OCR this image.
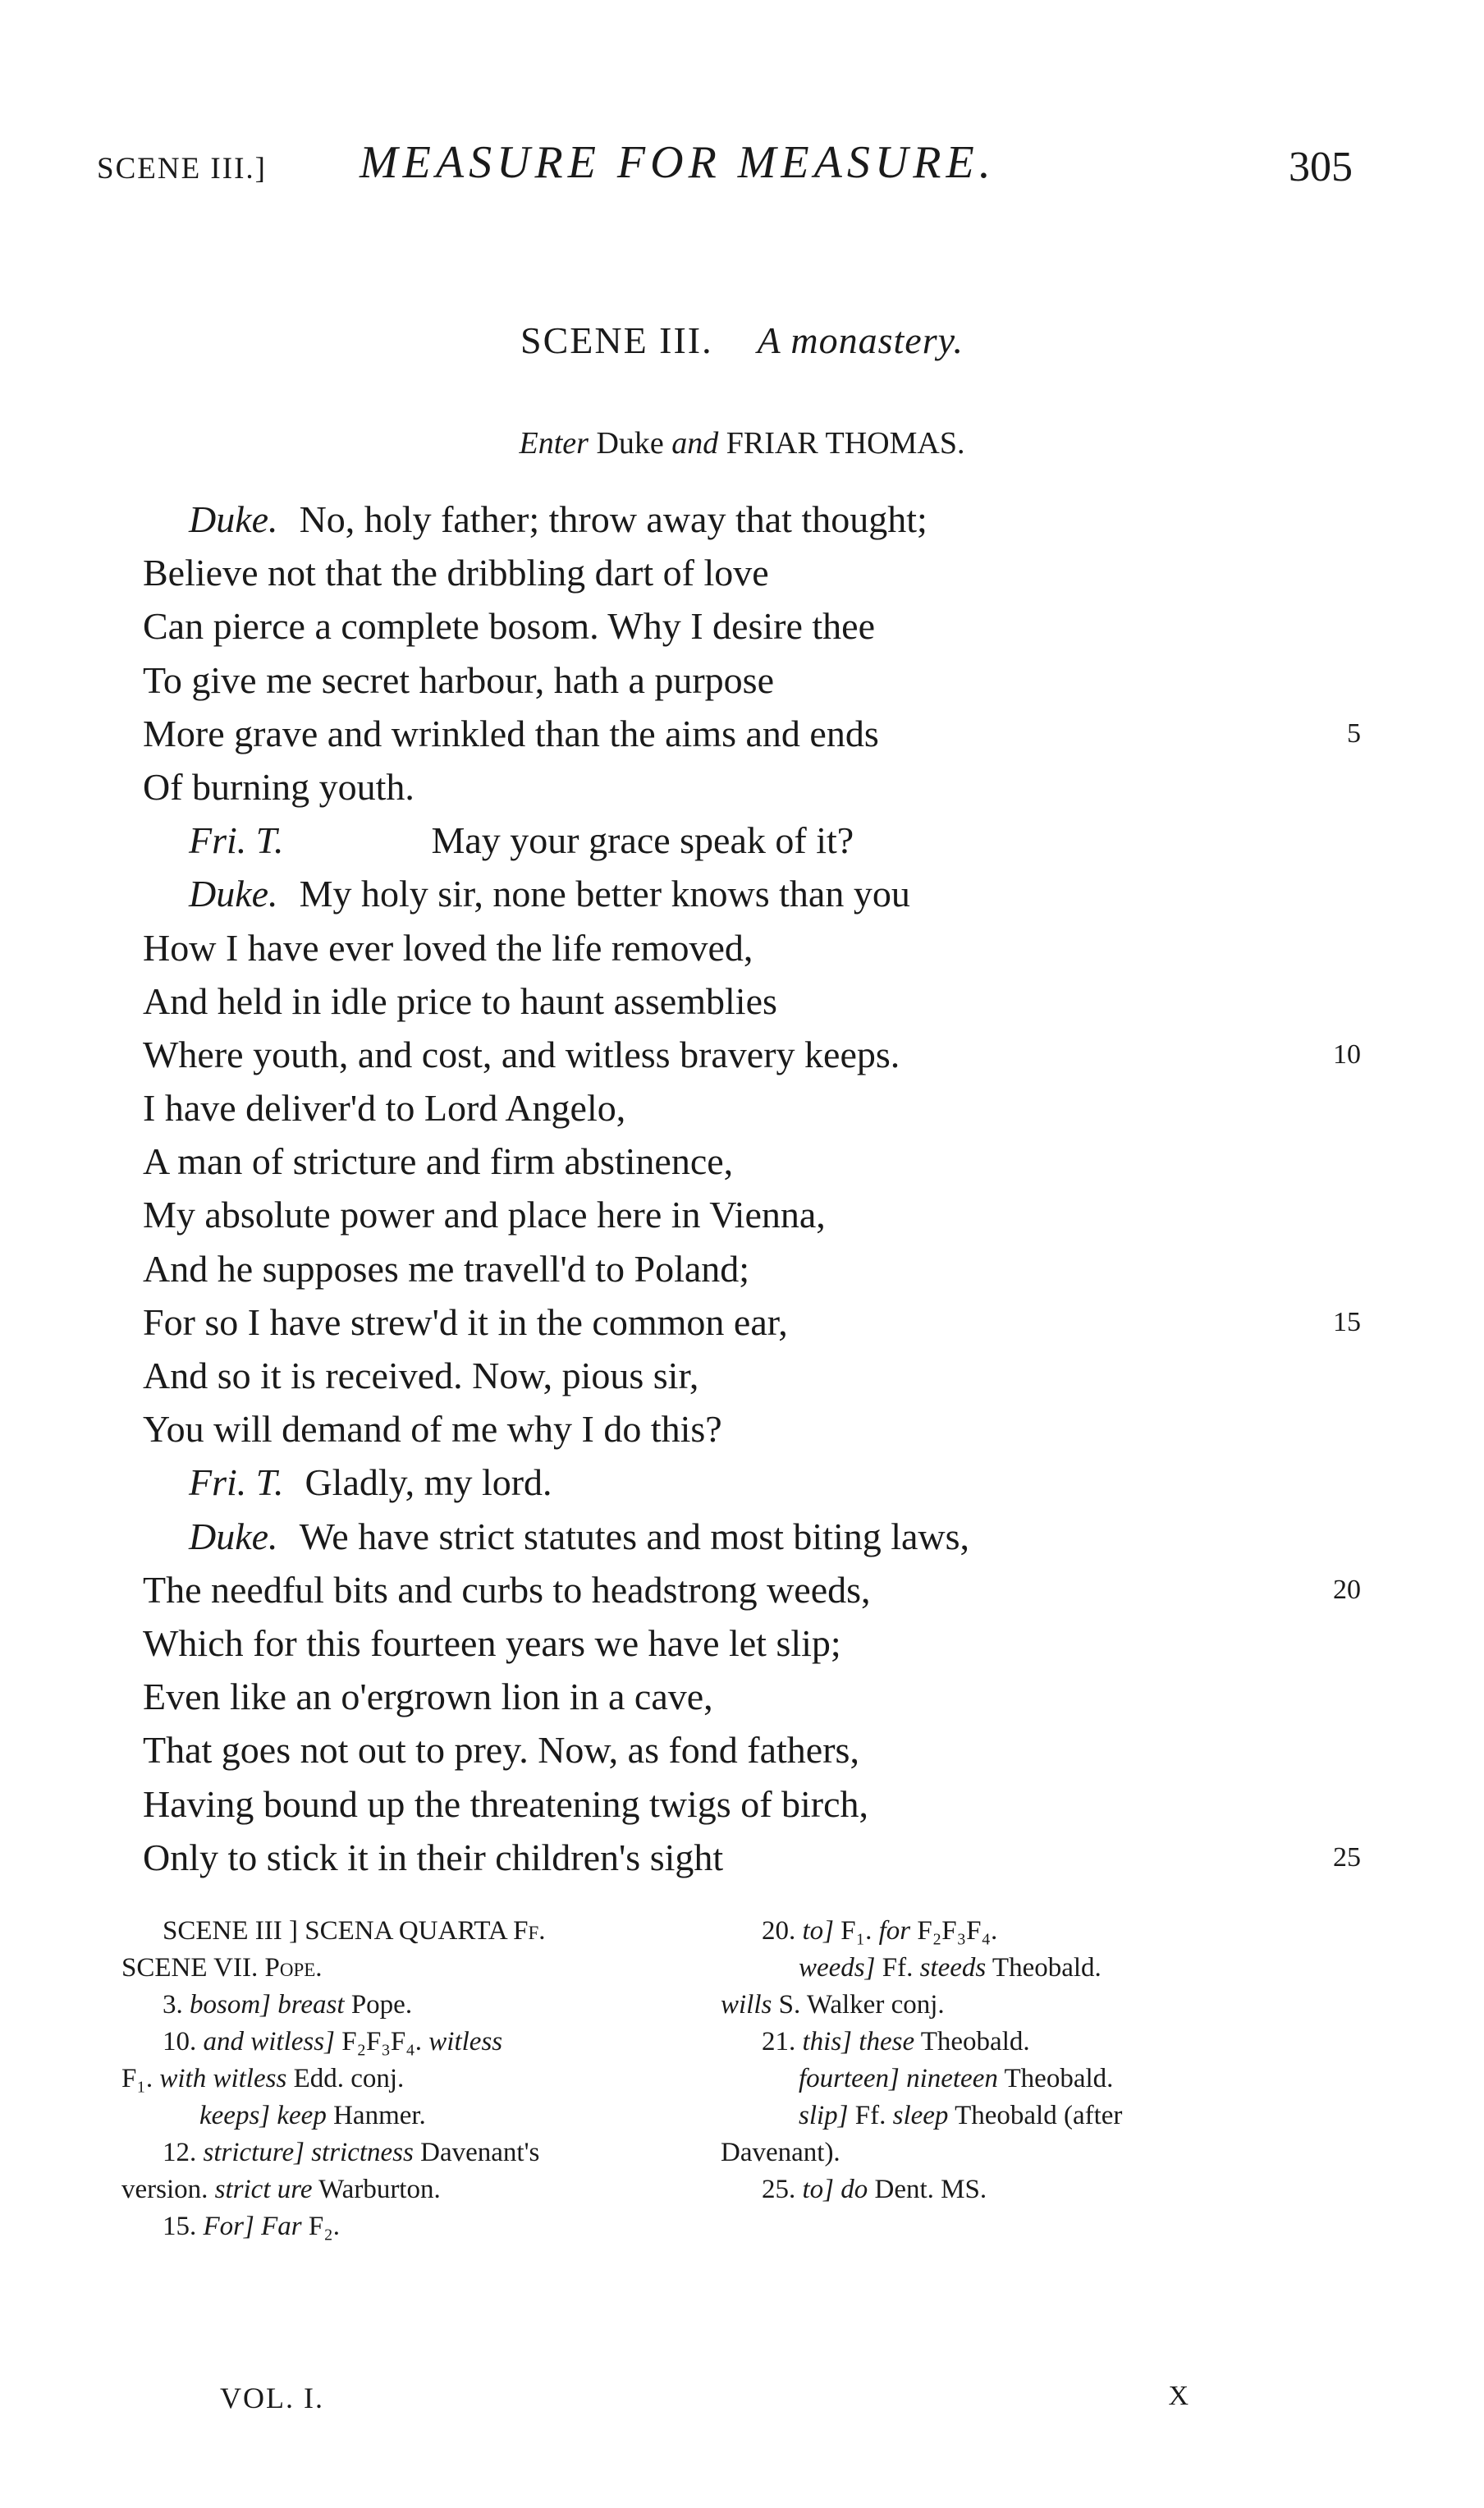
SCENE III.] MEASURE FOR MEASURE.	305
SCENE III. A monastery.
Enter Duke and FRIAR THOMAS.
Duke. No, holy father; throw away that thought;
Believe not that the dribbling dart of love
Can pierce a complete bosom. Why I desire thee
To give me secret harbour, hath a purpose
More grave and wrinkled than the aims and ends	5
Of burning youth.
Fri. T.	May your grace speak of it?
Duke. My holy sir, none better knows than you
How I have ever loved the life removed,
And held in idle price to haunt assemblies
Where youth, and cost, and witless bravery keeps.	10
I have deliver'd to Lord Angelo,
A man of stricture and firm abstinence,
My absolute power and place here in Vienna,
And he supposes me travell'd to Poland;
For so I have strew'd it in the common ear,	15
And so it is received. Now, pious sir,
You will demand of me why I do this?
Fri. T. Gladly, my lord.
Duke. We have strict statutes and most biting laws,
The needful bits and curbs to headstrong weeds,	20
Which for this fourteen years we have let slip;
Even like an o'ergrown lion in a cave,
That goes not out to prey. Now, as fond fathers,
Having bound up the threatening twigs of birch,
Only to stick it in their children's sight	25
SCENE III ] SCENA QUARTA Ff.
SCENE VII. Pope.
3. bosom] breast Pope.
10. and witless] F₂F₃F₄. witless
F₁. with witless Edd. conj.
keeps] keep Hanmer.
12. stricture] strictness Davenant's
version. strict ure Warburton.
15. For] Far F₂.
20. to] F₁. for F₂F₃F₄.
weeds] Ff. steeds Theobald.
wills S. Walker conj.
21. this] these Theobald.
fourteen] nineteen Theobald.
slip] Ff. sleep Theobald (after
Davenant).
25. to] do Dent. MS.
VOL. I.	X
